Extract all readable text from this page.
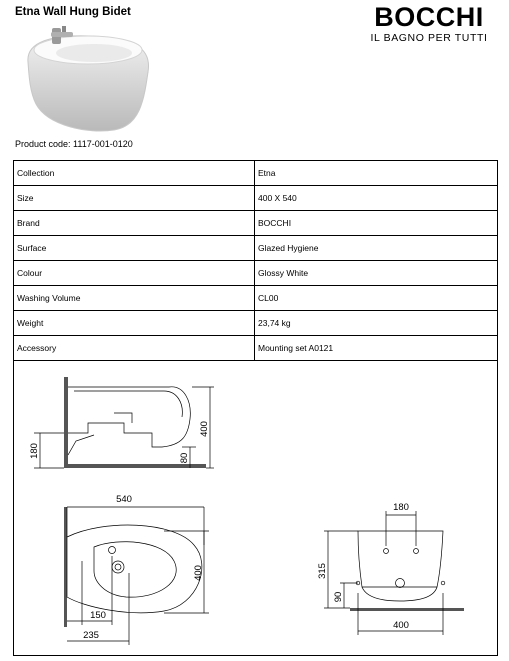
Etna Wall Hung Bidet	BOCCHI
IL BAGNO PER TUTTI
Product code: 1117-001-0120
Collection	Etna
Size	400 X 540
Brand	BOCCHI
Surface	Glazed Hygiene
Colour	Glossy White
Washing Volume	CL00
Weight	23,74 kg
Accessory	Mounting set A0121
400
180	80
540
400
150
235
180
315
90
400
